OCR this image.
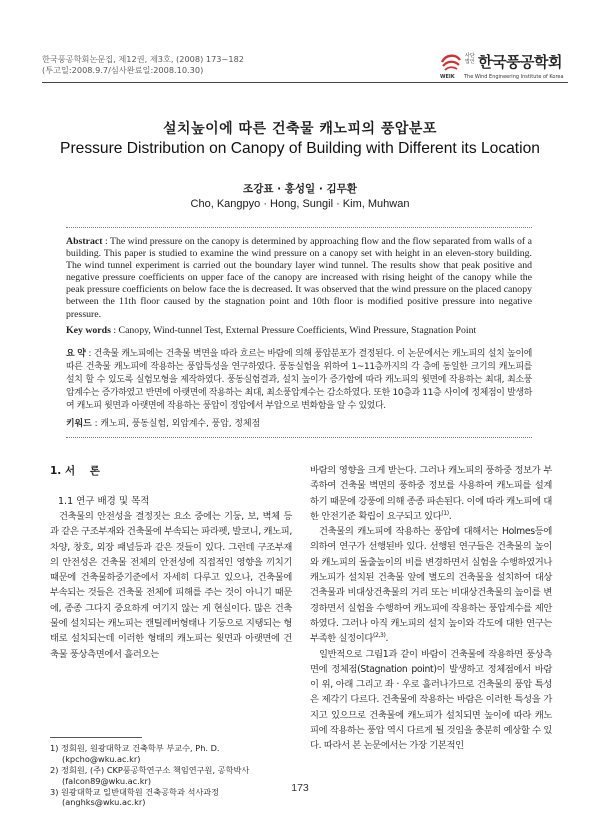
한국풍공학회논문집, 제12권, 제3호, (2008) 173~182
(투고일:2008.9.7/심사완료일:2008.10.30)
사단 법인 한국풍공학회
WEIK The Wind Engineering Institute of Korea
설치높이에 따른 건축물 캐노피의 풍압분포
Pressure Distribution on Canopy of Building with Different its Location
조강표 · 홍성일 · 김무환
Cho, Kangpyo · Hong, Sungil · Kim, Muhwan
Abstract : The wind pressure on the canopy is determined by approaching flow and the flow separated from walls of a building. This paper is studied to examine the wind pressure on a canopy set with height in an eleven-story building. The wind tunnel experiment is carried out the boundary layer wind tunnel. The results show that peak positive and negative pressure coefficients on upper face of the canopy are increased with rising height of the canopy while the peak pressure coefficients on below face the is decreased. It was observed that the wind pressure on the placed canopy between the 11th floor caused by the stagnation point and 10th floor is modified positive pressure into negative pressure.
Key words : Canopy, Wind-tunnel Test, External Pressure Coefficients, Wind Pressure, Stagnation Point
요 약 : 건축물 캐노피에는 건축물 벽면을 따라 흐르는 바람에 의해 풍압분포가 결정된다. 이 논문에서는 캐노피의 설치 높이에 따른 건축물 캐노피에 작용하는 풍압특성을 연구하였다. 풍동실험을 위하여 1~11층까지의 각 층에 동일한 크기의 캐노피를 설치 할 수 있도록 실험모형을 제작하였다. 풍동실험결과, 설치 높이가 증가함에 따라 캐노피의 윗면에 작용하는 최대, 최소풍압계수는 증가하였고 반면에 아랫면에 작용하는 최대, 최소풍압계수는 감소하였다. 또한 10층과 11층 사이에 정체점이 발생하여 캐노피 윗면과 아랫면에 작용하는 풍압이 정압에서 부압으로 변화함을 알 수 있었다.
키워드 : 캐노피, 풍동실험, 외압계수, 풍압, 정체점
1. 서    론
1.1 연구 배경 및 목적
건축물의 안전성을 결정짓는 요소 중에는 기둥, 보, 벽체 등과 같은 구조부재와 건축물에 부속되는 파라펫, 발코니, 캐노피, 차양, 창호, 외장 패널등과 같은 것들이 있다. 그런데 구조부재의 안전성은 건축물 전체의 안전성에 직접적인 영향을 끼치기 때문에 건축물하중기준에서 자세히 다루고 있으나, 건축물에 부속되는 것들은 건축물 전체에 피해를 주는 것이 아니기 때문에, 종종 그다지 중요하게 여기지 않는 게 현실이다. 많은 건축물에 설치되는 캐노피는 캔틸레버형태나 기둥으로 지탱되는 형태로 설치되는데 이러한 형태의 캐노피는 윗면과 아랫면에 건축물 풍상측면에서 흘러오는
1) 정회원, 원광대학교 건축학부 부교수, Ph. D.
(kpcho@wku.ac.kr)
2) 정회원, (주) CKP풍공학연구소 책임연구원, 공학박사
(falcon89@wku.ac.kr)
3) 원광대학교 일반대학원 건축공학과 석사과정
(anghks@wku.ac.kr)
바람의 영향을 크게 받는다. 그러나 캐노피의 풍하중 정보가 부족하여 건축물 벽면의 풍하중 정보를 사용하여 캐노피를 설계하기 때문에 강풍에 의해 종종 파손된다. 이에 따라 캐노피에 대한 안전기준 확립이 요구되고 있다$^{(1)}$.
건축물의 캐노피에 작용하는 풍압에 대해서는 Holmes등에 의하여 연구가 선행된바 있다. 선행된 연구들은 건축물의 높이와 캐노피의 돌출높이의 비를 변경하면서 실험을 수행하였거나 캐노피가 설치된 건축물 앞에 별도의 건축물을 설치하여 대상건축물과 비대상건축물의 거리 또는 비대상건축물의 높이를 변경하면서 실험을 수행하여 캐노피에 작용하는 풍압계수를 제안하였다. 그러나 아직 캐노피의 설치 높이와 각도에 대한 연구는 부족한 실정이다$^{(2,3)}$.
일반적으로 그림1과 같이 바람이 건축물에 작용하면 풍상측면에 정체점(Stagnation point)이 발생하고 정체점에서 바람이 위, 아래 그리고 좌 · 우로 흘러나가므로 건축물의 풍압 특성은 제각기 다르다. 건축물에 작용하는 바람은 이러한 특성을 가지고 있으므로 건축물에 캐노피가 설치되면 높이에 따라 캐노피에 작용하는 풍압 역시 다르게 될 것임을 충분히 예상할 수 있다. 따라서 본 논문에서는 가장 기본적인
173
